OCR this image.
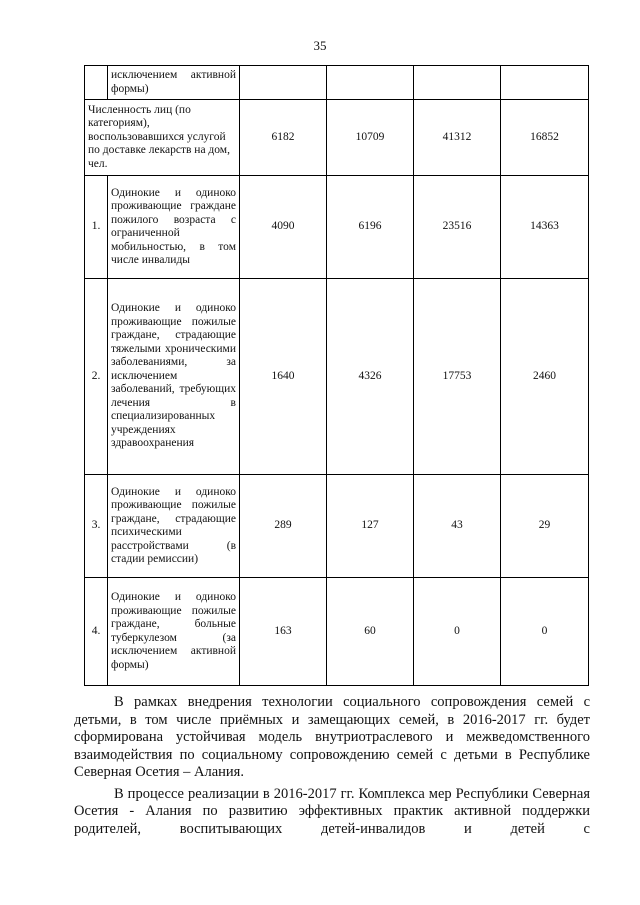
35
	исключением активной формы)				
Численность лиц (по категориям), воспользовавшихся услугой по доставке лекарств на дом, чел.		6182	10709	41312	16852
1.	Одинокие и одиноко проживающие граждане пожилого возраста с ограниченной мобильностью, в том числе инвалиды	4090	6196	23516	14363
2.	Одинокие и одиноко проживающие пожилые граждане, страдающие тяжелыми хроническими заболеваниями, за исключением заболеваний, требующих лечения в специализированных учреждениях здравоохранения	1640	4326	17753	2460
3.	Одинокие и одиноко проживающие пожилые граждане, страдающие психическими расстройствами (в стадии ремиссии)	289	127	43	29
4.	Одинокие и одиноко проживающие пожилые граждане, больные туберкулезом (за исключением активной формы)	163	60	0	0

В рамках внедрения технологии социального сопровождения семей с детьми, в том числе приёмных и замещающих семей, в 2016-2017 гг. будет сформирована устойчивая модель внутриотраслевого и межведомственного взаимодействия по социальному сопровождению семей с детьми в Республике Северная Осетия – Алания.

В процессе реализации в 2016-2017 гг. Комплекса мер Республики Северная Осетия - Алания по развитию эффективных практик активной поддержки родителей, воспитывающих детей-инвалидов и детей с
